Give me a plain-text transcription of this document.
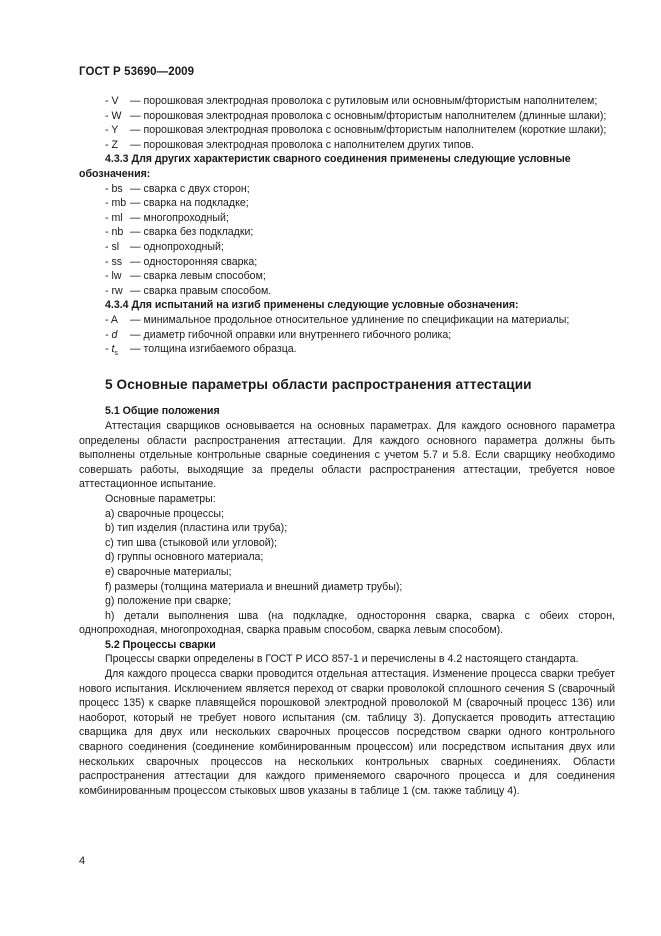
ГОСТ Р 53690—2009
- V	— порошковая электродная проволока с рутиловым или основным/фтористым наполнителем;
- W — порошковая электродная проволока с основным/фтористым наполнителем (длинные шлаки);
- Y	— порошковая электродная проволока с основным/фтористым наполнителем (короткие шлаки);
- Z	— порошковая электродная проволока с наполнителем других типов.

4.3.3 Для других характеристик сварного соединения применены следующие условные обозначения:

- bs — сварка с двух сторон;
- mb — сварка на подкладке;
- ml — многопроходный;
- nb — сварка без подкладки;
- sl	— однопроходный;
- ss — односторонняя сварка;
- lw — сварка левым способом;
- rw — сварка правым способом.

4.3.4 Для испытаний на изгиб применены следующие условные обозначения:

- A	— минимальное продольное относительное удлинение по спецификации на материалы;
- d	— диаметр гибочной оправки или внутреннего гибочного ролика;
- $t_s$	— толщина изгибаемого образца.
5 Основные параметры области распространения аттестации

5.1 Общие положения

Аттестация сварщиков основывается на основных параметрах. Для каждого основного параметра определены области распространения аттестации. Для каждого основного параметра должны быть выполнены отдельные контрольные сварные соединения с учетом 5.7 и 5.8. Если сварщику необходимо совершать работы, выходящие за пределы области распространения аттестации, требуется новое аттестационное испытание.

Основные параметры:

a) сварочные процессы;

b) тип изделия (пластина или труба);

c) тип шва (стыковой или угловой);

d) группы основного материала;

e) сварочные материалы;

f) размеры (толщина материала и внешний диаметр трубы);

g) положение при сварке;

h) детали выполнения шва (на подкладке, одностороння сварка, сварка с обеих сторон, однопроходная, многопроходная, сварка правым способом, сварка левым способом).

5.2 Процессы сварки

Процессы сварки определены в ГОСТ Р ИСО 857-1 и перечислены в 4.2 настоящего стандарта.

Для каждого процесса сварки проводится отдельная аттестация. Изменение процесса сварки требует нового испытания. Исключением является переход от сварки проволокой сплошного сечения S (сварочный процесс 135) к сварке плавящейся порошковой электродной проволокой М (сварочный процесс 136) или наоборот, который не требует нового испытания (см. таблицу 3). Допускается проводить аттестацию сварщика для двух или нескольких сварочных процессов посредством сварки одного контрольного сварного соединения (соединение комбинированным процессом) или посредством испытания двух или нескольких сварочных процессов на нескольких контрольных сварных соединениях. Области распространения аттестации для каждого применяемого сварочного процесса и для соединения комбинированным процессом стыковых швов указаны в таблице 1 (см. также таблицу 4).

4
